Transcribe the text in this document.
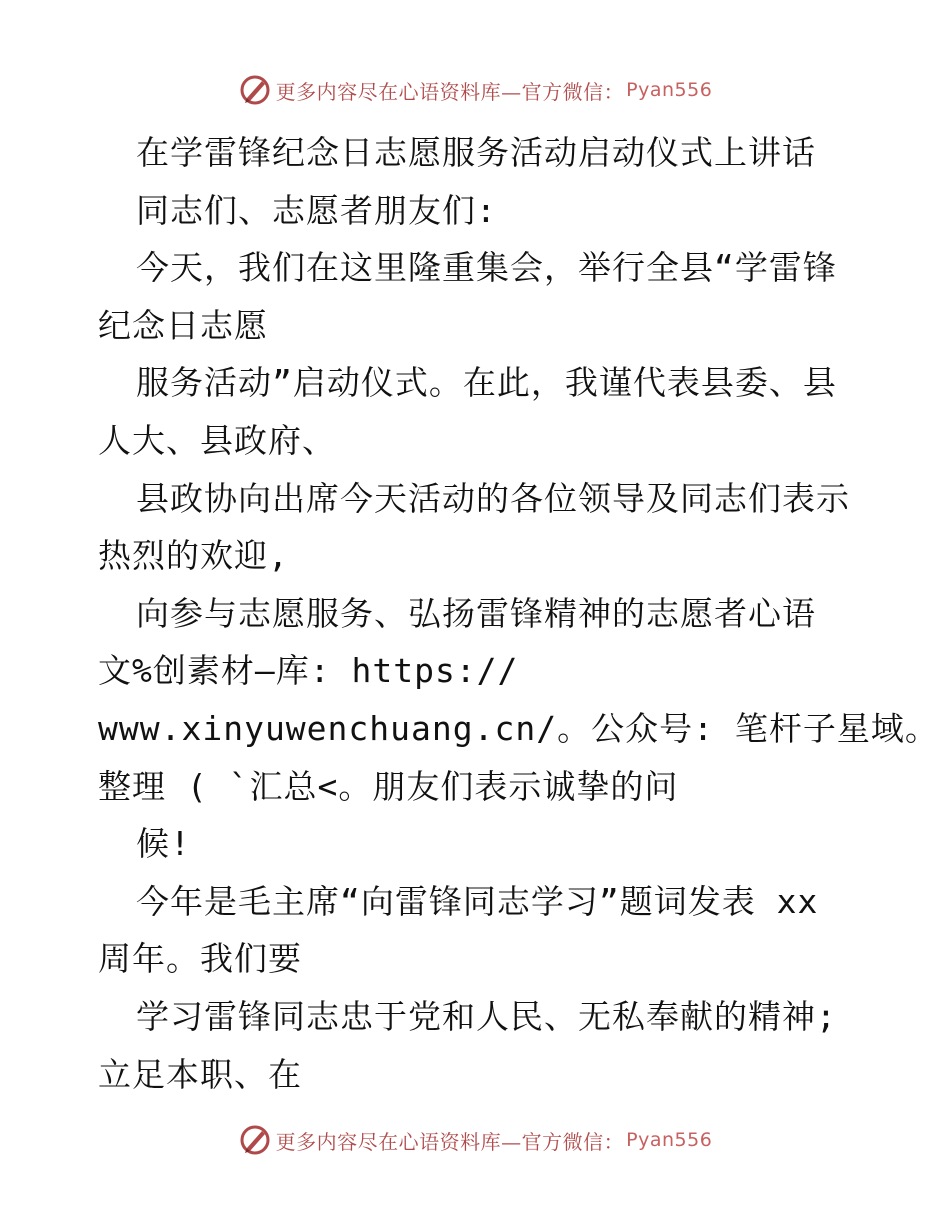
更多内容尽在心语资料库—官方微信： Pyan556
在学雷锋纪念日志愿服务活动启动仪式上讲话
同志们、志愿者朋友们:
今天，我们在这里隆重集会，举行全县“学雷锋
纪念日志愿
服务活动”启动仪式。在此，我谨代表县委、县
人大、县政府、
县政协向出席今天活动的各位领导及同志们表示
热烈的欢迎,
向参与志愿服务、弘扬雷锋精神的志愿者心语
文%创素材—库: https://
www.xinyuwenchuang.cn/。公众号: 笔杆子星域。
整理 ( `汇总<。朋友们表示诚挚的问
候!
今年是毛主席“向雷锋同志学习”题词发表 xx
周年。我们要
学习雷锋同志忠于党和人民、无私奉献的精神;
立足本职、在
更多内容尽在心语资料库—官方微信： Pyan556
